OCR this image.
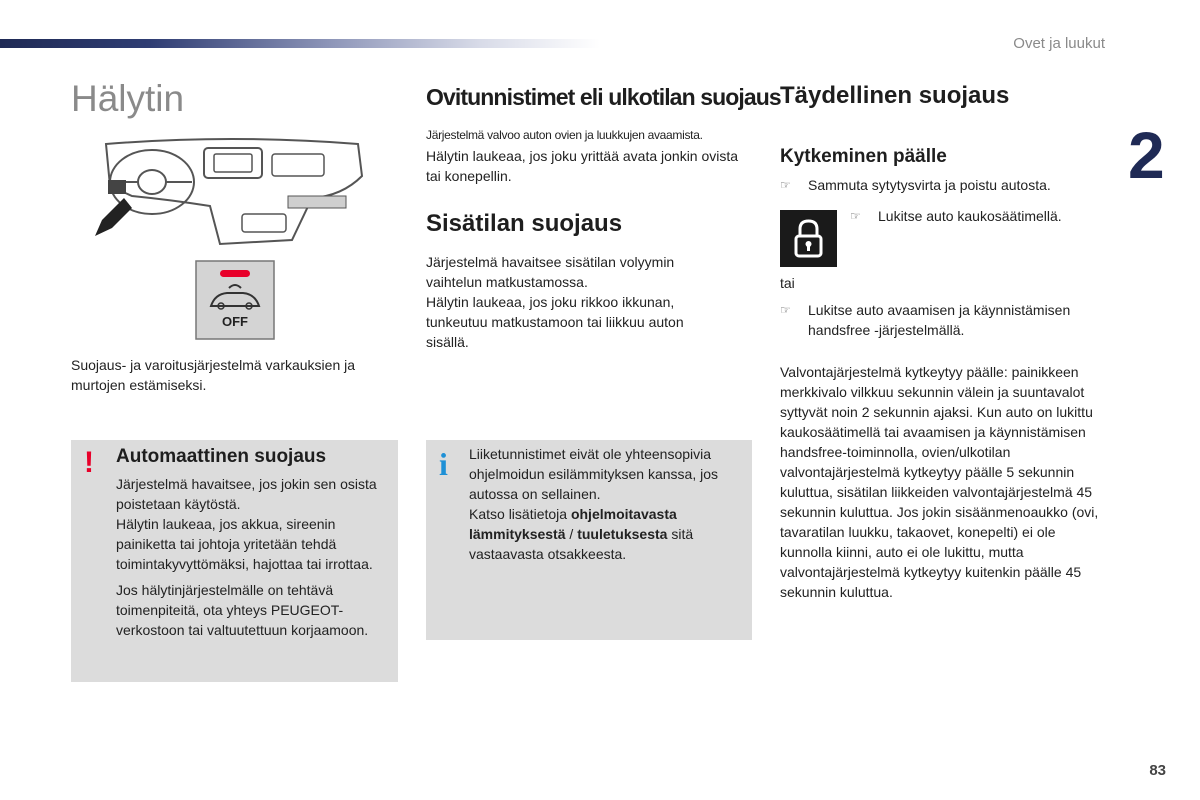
Ovet ja luukut
2
83
Hälytin
OFF
Suojaus- ja varoitusjärjestelmä varkauksien ja murtojen estämiseksi.
! Automaattinen suojaus
Järjestelmä havaitsee, jos jokin sen osista poistetaan käytöstä.
Hälytin laukeaa, jos akkua, sireenin painiketta tai johtoja yritetään tehdä toimintakyvyttömäksi, hajottaa tai irrottaa.
Jos hälytinjärjestelmälle on tehtävä toimenpiteitä, ota yhteys PEUGEOT-verkostoon tai valtuutettuun korjaamoon.
Ovitunnistimet eli ulkotilan suojaus
Järjestelmä valvoo auton ovien ja luukkujen avaamista.
Hälytin laukeaa, jos joku yrittää avata jonkin ovista tai konepellin.
Sisätilan suojaus
Järjestelmä havaitsee sisätilan volyymin vaihtelun matkustamossa.
Hälytin laukeaa, jos joku rikkoo ikkunan, tunkeutuu matkustamoon tai liikkuu auton sisällä.
i Liiketunnistimet eivät ole yhteensopivia ohjelmoidun esilämmityksen kanssa, jos autossa on sellainen.
Katso lisätietoja ohjelmoitavasta lämmityksestä / tuuletuksesta sitä vastaavasta otsakkeesta.
Täydellinen suojaus
Kytkeminen päälle
☞	Sammuta sytytysvirta ja poistu autosta.
☞	Lukitse auto kaukosäätimellä.
tai
☞	Lukitse auto avaamisen ja käynnistämisen handsfree -järjestelmällä.
Valvontajärjestelmä kytkeytyy päälle: painikkeen merkkivalo vilkkuu sekunnin välein ja suuntavalot syttyvät noin 2 sekunnin ajaksi. Kun auto on lukittu kaukosäätimellä tai avaamisen ja käynnistämisen handsfree-toiminnolla, ovien/ulkotilan valvontajärjestelmä kytkeytyy päälle 5 sekunnin kuluttua, sisätilan liikkeiden valvontajärjestelmä 45 sekunnin kuluttua. Jos jokin sisäänmenoaukko (ovi, tavaratilan luukku, takaovet, konepelti) ei ole kunnolla kiinni, auto ei ole lukittu, mutta valvontajärjestelmä kytkeytyy kuitenkin päälle 45 sekunnin kuluttua.
